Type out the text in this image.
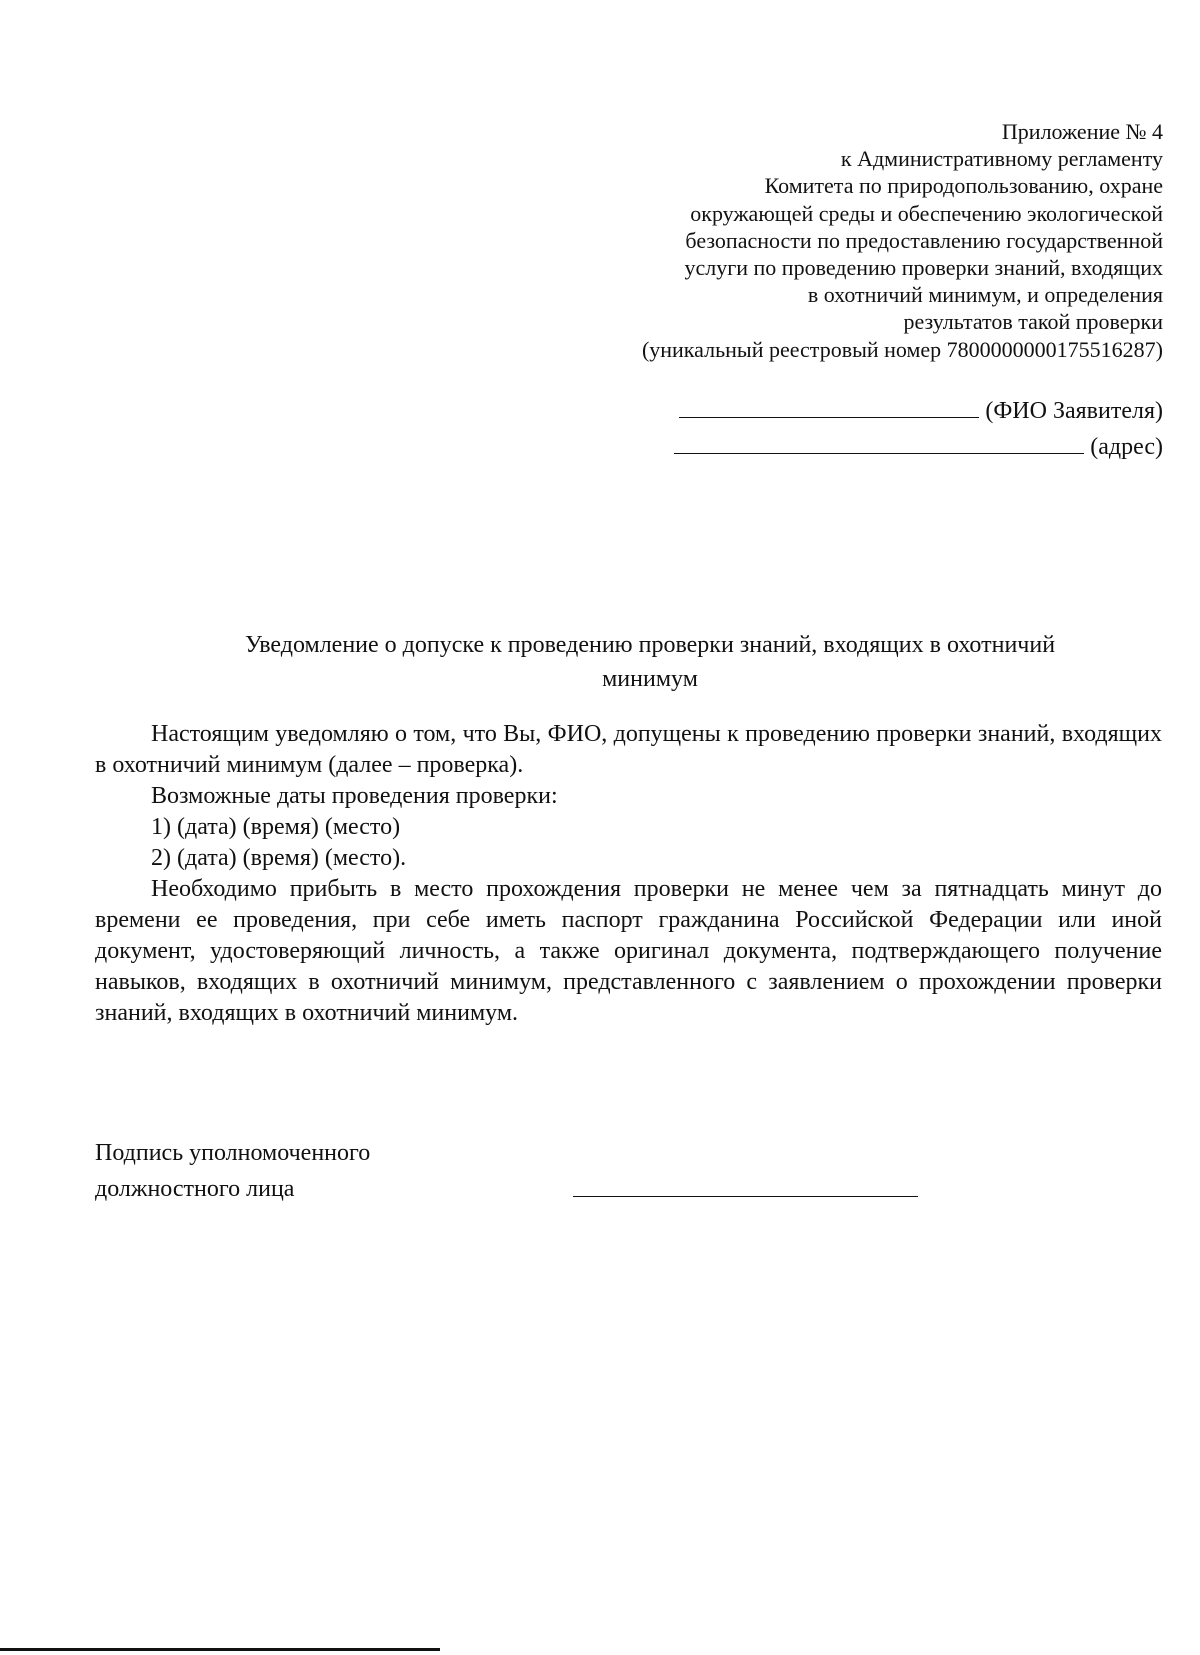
Приложение № 4
к Административному регламенту
Комитета по природопользованию, охране
окружающей среды и обеспечению экологической
безопасности по предоставлению государственной
услуги по проведению проверки знаний, входящих
в охотничий минимум, и определения
результатов такой проверки
(уникальный реестровый номер 7800000000175516287)
(ФИО Заявителя)
(адрес)
Уведомление о допуске к проведению проверки знаний, входящих в охотничий
минимум

Настоящим уведомляю о том, что Вы, ФИО, допущены к проведению проверки знаний, входящих в охотничий минимум (далее – проверка).

Возможные даты проведения проверки:

1) (дата) (время) (место)

2) (дата) (время) (место).

Необходимо прибыть в место прохождения проверки не менее чем за пятнадцать минут до времени ее проведения, при себе иметь паспорт гражданина Российской Федерации или иной документ, удостоверяющий личность, а также оригинал документа, подтверждающего получение навыков, входящих в охотничий минимум, представленного с заявлением о прохождении проверки знаний, входящих в охотничий минимум.

Подпись уполномоченного
должностного лица
